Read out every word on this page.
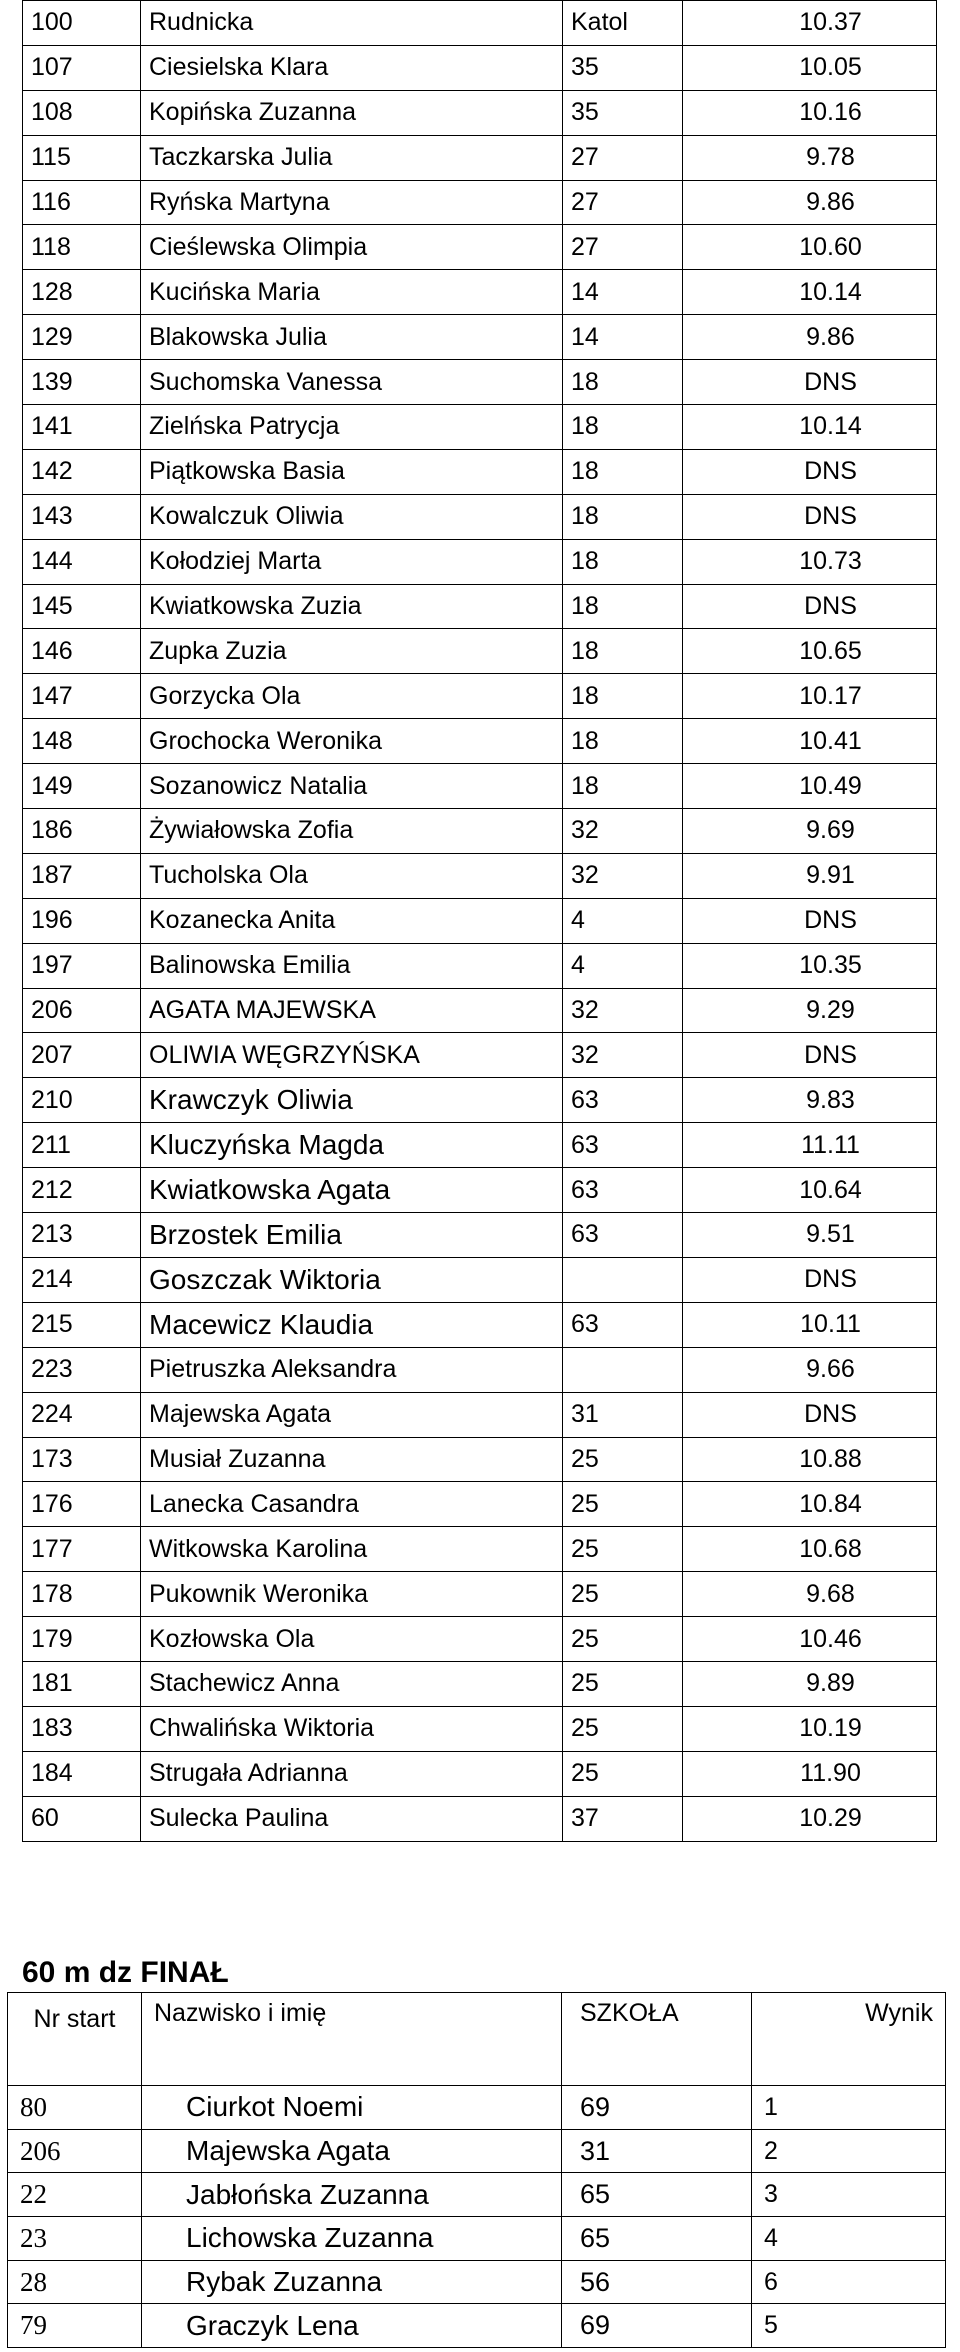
100	Rudnicka	Katol	10.37
107	Ciesielska Klara	35	10.05
108	Kopińska Zuzanna	35	10.16
115	Taczkarska Julia	27	9.78
116	Ryńska Martyna	27	9.86
118	Cieślewska Olimpia	27	10.60
128	Kucińska Maria	14	10.14
129	Blakowska Julia	14	9.86
139	Suchomska Vanessa	18	DNS
141	Zielńska Patrycja	18	10.14
142	Piątkowska Basia	18	DNS
143	Kowalczuk Oliwia	18	DNS
144	Kołodziej Marta	18	10.73
145	Kwiatkowska Zuzia	18	DNS
146	Zupka Zuzia	18	10.65
147	Gorzycka Ola	18	10.17
148	Grochocka Weronika	18	10.41
149	Sozanowicz Natalia	18	10.49
186	Żywiałowska Zofia	32	9.69
187	Tucholska Ola	32	9.91
196	Kozanecka Anita	4	DNS
197	Balinowska Emilia	4	10.35
206	AGATA MAJEWSKA	32	9.29
207	OLIWIA WĘGRZYŃSKA	32	DNS
210	Krawczyk Oliwia	63	9.83
211	Kluczyńska Magda	63	11.11
212	Kwiatkowska Agata	63	10.64
213	Brzostek Emilia	63	9.51
214	Goszczak Wiktoria		DNS
215	Macewicz Klaudia	63	10.11
223	Pietruszka Aleksandra		9.66
224	Majewska Agata	31	DNS
173	Musiał Zuzanna	25	10.88
176	Lanecka Casandra	25	10.84
177	Witkowska Karolina	25	10.68
178	Pukownik Weronika	25	9.68
179	Kozłowska Ola	25	10.46
181	Stachewicz Anna	25	9.89
183	Chwalińska Wiktoria	25	10.19
184	Strugała Adrianna	25	11.90
60	Sulecka Paulina	37	10.29
60 m dz FINAŁ
Nr start	Nazwisko i imię	SZKOŁA	Wynik
80	Ciurkot Noemi	69	1
206	Majewska Agata	31	2
22	Jabłońska Zuzanna	65	3
23	Lichowska Zuzanna	65	4
28	Rybak Zuzanna	56	6
79	Graczyk Lena	69	5
